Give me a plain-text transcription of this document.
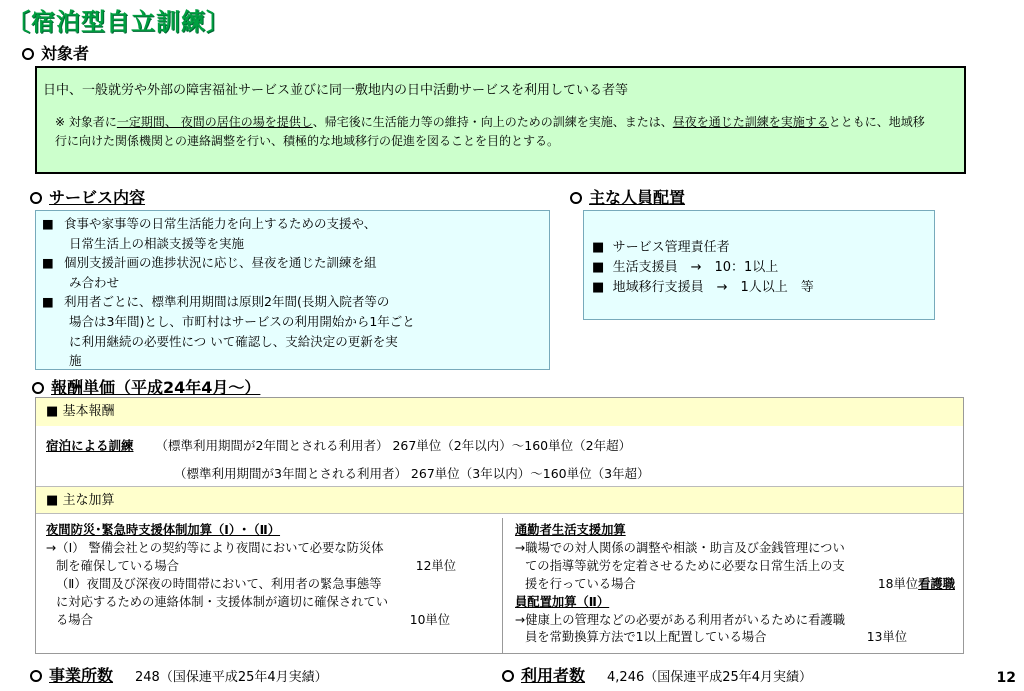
〔宿泊型自立訓練〕
対象者
日中、一般就労や外部の障害福祉サービス並びに同一敷地内の日中活動サービスを利用している者等
※ 対象者に一定期間、 夜間の居住の場を提供し、帰宅後に生活能力等の維持・向上のための訓練を実施、または、昼夜を通じた訓練を実施するとともに、地域移行に向けた関係機関との連絡調整を行い、積極的な地域移行の促進を図ることを目的とする。
サービス内容
■ 食事や家事等の日常生活能力を向上するための支援や、
日常生活上の相談支援等を実施
■ 個別支援計画の進捗状況に応じ、昼夜を通じた訓練を組
み合わせ
■ 利用者ごとに、標準利用期間は原則2年間(長期入院者等の
場合は3年間)とし、市町村はサービスの利用開始から1年ごと
に利用継続の必要性につ いて確認し、支給決定の更新を実
施
主な人員配置
■ サービス管理責任者
■ 生活支援員　→　10：1以上
■ 地域移行支援員　→　1人以上　等
報酬単価（平成24年4月～）
■ 基本報酬
宿泊による訓練 （標準利用期間が2年間とされる利用者） 267単位（2年以内）～160単位（2年超）
（標準利用期間が3年間とされる利用者） 267単位（3年以内）～160単位（3年超）
■ 主な加算
夜間防災･緊急時支援体制加算（Ⅰ）･（Ⅱ）
→（Ⅰ） 警備会社との契約等により夜間において必要な防災体
制を確保している場合	12単位
（Ⅱ）夜間及び深夜の時間帯において、利用者の緊急事態等
に対応するための連絡体制・支援体制が適切に確保されてい
る場合	10単位
通勤者生活支援加算
→職場での対人関係の調整や相談・助言及び金銭管理につい
ての指導等就労を定着させるために必要な日常生活上の支
援を行っている場合	18単位看護職
員配置加算（Ⅱ）
→健康上の管理などの必要がある利用者がいるために看護職
員を常勤換算方法で1以上配置している場合	13単位
事業所数 248（国保連平成25年4月実績）	利用者数 4,246（国保連平成25年4月実績）	12
